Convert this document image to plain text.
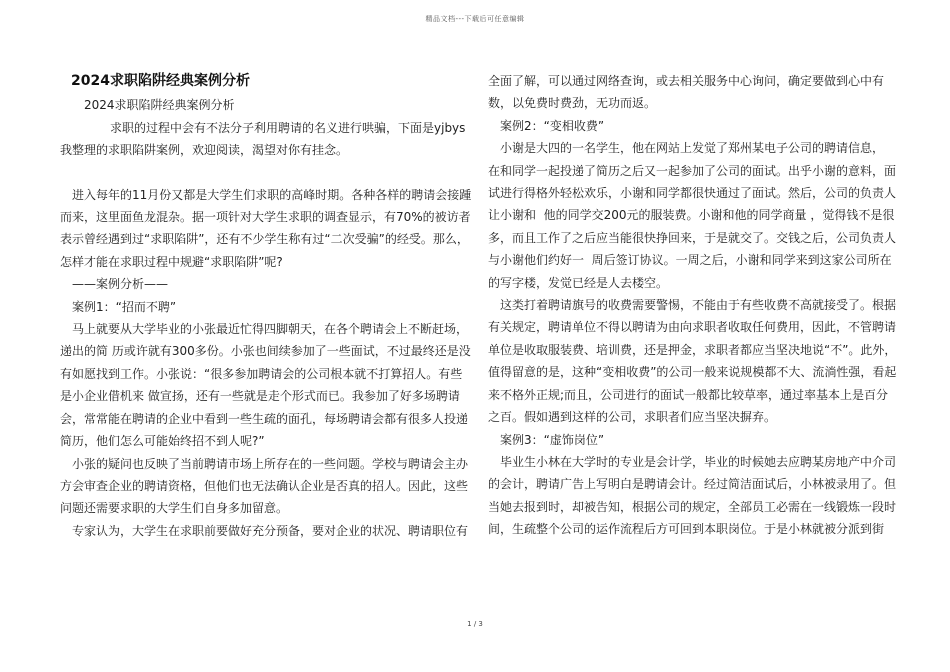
精品文档---下载后可任意编辑

2024求职陷阱经典案例分析

2024求职陷阱经典案例分析

求职的过程中会有不法分子利用聘请的名义进行哄骗，下面是yjbys我整理的求职陷阱案例，欢迎阅读，渴望对你有挂念。

进入每年的11月份又都是大学生们求职的高峰时期。各种各样的聘请会接踵而来，这里面鱼龙混杂。据一项针对大学生求职的调查显示，有70%的被访者表示曾经遇到过“求职陷阱”，还有不少学生称有过“二次受骗”的经受。那么，怎样才能在求职过程中规避“求职陷阱”呢?

——案例分析——

案例1：“招而不聘”

马上就要从大学毕业的小张最近忙得四脚朝天，在各个聘请会上不断赶场，递出的简 历或许就有300多份。小张也间续参加了一些面试，不过最终还是没有如愿找到工作。小张说：“很多参加聘请会的公司根本就不打算招人。有些是小企业借机来 做宣扬，还有一些就是走个形式而已。我参加了好多场聘请会，常常能在聘请的企业中看到一些生疏的面孔，每场聘请会都有很多人投递简历，他们怎么可能始终招不到人呢?”

小张的疑问也反映了当前聘请市场上所存在的一些问题。学校与聘请会主办方会审查企业的聘请资格，但他们也无法确认企业是否真的招人。因此，这些问题还需要求职的大学生们自身多加留意。

专家认为，大学生在求职前要做好充分预备，要对企业的状况、聘请职位有

全面了解，可以通过网络查询，或去相关服务中心询问，确定要做到心中有数，以免费时费劲，无功而返。

案例2：“变相收费”

小谢是大四的一名学生，他在网站上发觉了郑州某电子公司的聘请信息，  在和同学一起投递了简历之后又一起参加了公司的面试。出乎小谢的意料，面试进行得格外轻松欢乐，小谢和同学都很快通过了面试。然后，公司的负责人让小谢和  他的同学交200元的服装费。小谢和他的同学商量 ，觉得钱不是很多，而且工作了之后应当能很快挣回来，于是就交了。交钱之后，公司负责人与小谢他们约好一  周后签订协议。一周之后，小谢和同学来到这家公司所在的写字楼，发觉已经是人去楼空。

这类打着聘请旗号的收费需要警惕，不能由于有些收费不高就接受了。根据有关规定，聘请单位不得以聘请为由向求职者收取任何费用，因此，不管聘请单位是收取服装费、培训费，还是押金，求职者都应当坚决地说“不”。此外，值得留意的是，这种“变相收费”的公司一般来说规模都不大、流淌性强，看起来不格外正规;而且，公司进行的面试一般都比较草率，通过率基本上是百分之百。假如遇到这样的公司，求职者们应当坚决摒弃。

案例3：“虚饰岗位”

毕业生小林在大学时的专业是会计学，毕业的时候她去应聘某房地产中介司的会计，聘请广告上写明白是聘请会计。经过简洁面试后，小林被录用了。但当她去报到时，却被告知，根据公司的规定，全部员工必需在一线锻炼一段时间，生疏整个公司的运作流程后方可回到本职岗位。于是小林就被分派到街

1 / 3
